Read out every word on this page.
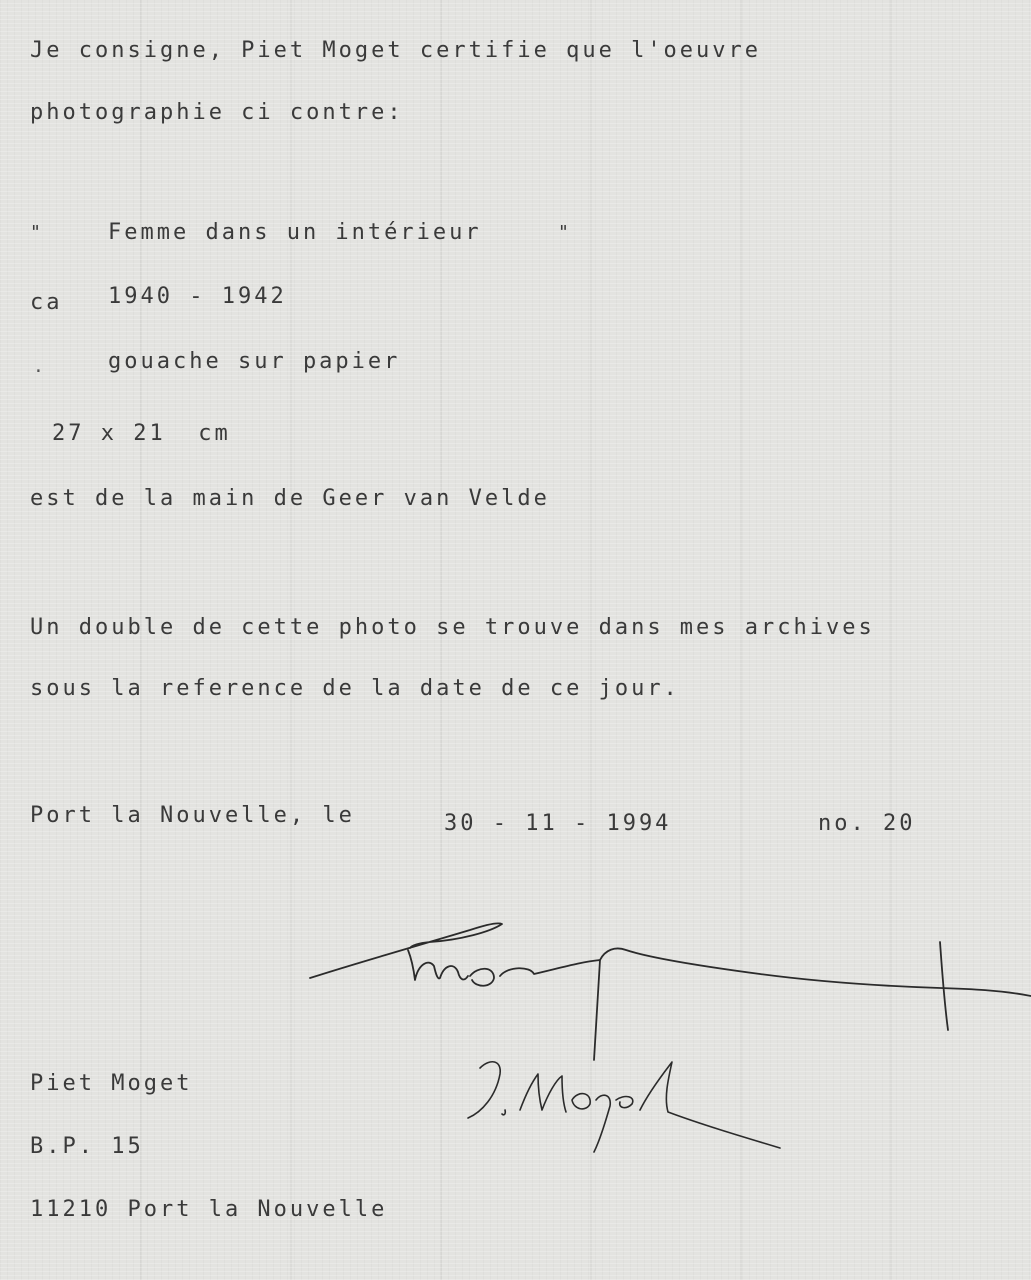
Je consigne, Piet Moget certifie que l'oeuvre

photographie ci contre:

"	Femme dans un intérieur	"
ca 1940 - 1942

.	gouache sur papier

27 x 21  cm

est de la main de Geer van Velde

Un double de cette photo se trouve dans mes archives

sous la reference de la date de ce jour.

Port la Nouvelle, le	30 - 11 - 1994	no. 20

Piet Moget

B.P. 15

11210 Port la Nouvelle
